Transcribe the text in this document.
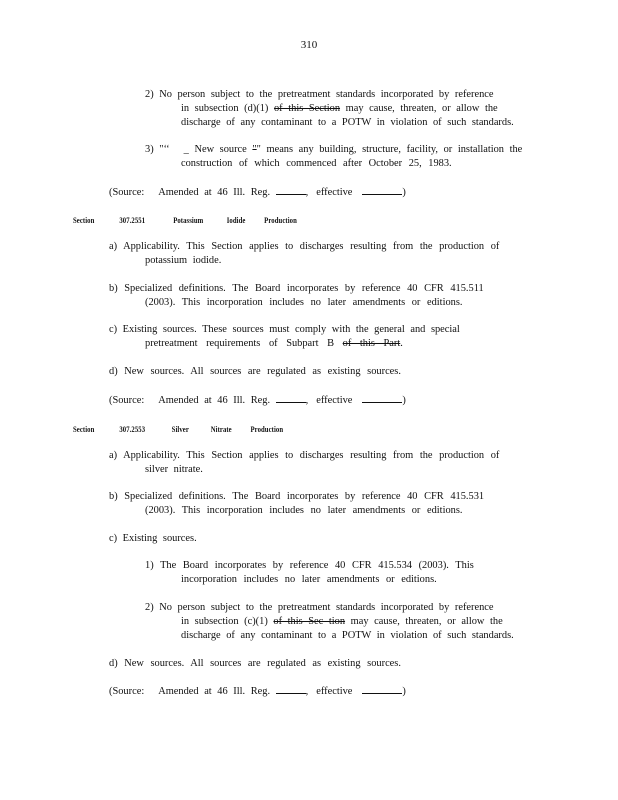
310
2) No person subject to the pretreatment standards incorporated by reference
in subsection (d)(1) of this Section may cause, threaten, or allow the
discharge of any contaminant to a POTW in violation of such standards.
3) "‘‘ _ New source "" means any building, structure, facility, or installation the
construction of which commenced after October 25, 1983.
(Source: Amended at 46 Ill. Reg.	, effective	)
Section	307.2551	Potassium	Iodide Production
a) Applicability. This Section applies to discharges resulting from the production of
potassium iodide.
b) Specialized definitions. The Board incorporates by reference 40 CFR 415.511
(2003). This incorporation includes no later amendments or editions.
c) Existing sources. These sources must comply with the general and special
pretreatment requirements of Subpart B of this Part.
d) New sources. All sources are regulated as existing sources.
(Source: Amended at 46 Ill. Reg.	, effective	)
Section	307.2553	Silver	Nitrate Production
a) Applicability. This Section applies to discharges resulting from the production of
silver nitrate.
b) Specialized definitions. The Board incorporates by reference 40 CFR 415.531
(2003). This incorporation includes no later amendments or editions.
c) Existing sources.
1) The Board incorporates by reference 40 CFR 415.534 (2003). This
incorporation includes no later amendments or editions.
2) No person subject to the pretreatment standards incorporated by reference
in subsection (c)(1) of this Sec tion may cause, threaten, or allow the
discharge of any contaminant to a POTW in violation of such standards.
d) New sources. All sources are regulated as existing sources.
(Source: Amended at 46 Ill. Reg.	, effective	)
